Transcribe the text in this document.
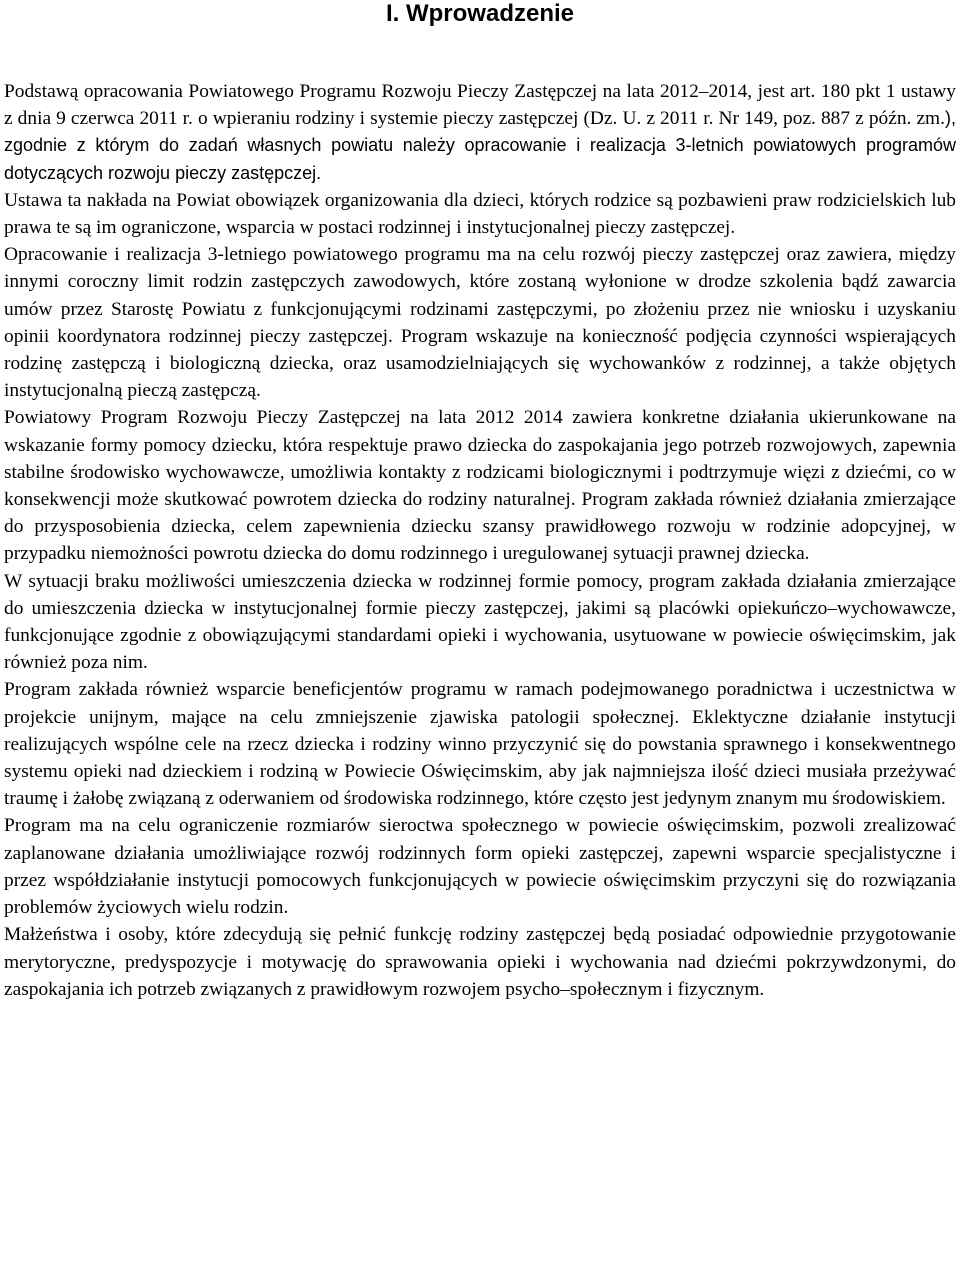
I. Wprowadzenie

Podstawą opracowania Powiatowego Programu Rozwoju Pieczy Zastępczej na lata 2012–2014, jest art. 180 pkt 1 ustawy z dnia 9 czerwca 2011 r. o wpieraniu rodziny i systemie pieczy zastępczej (Dz. U. z 2011 r. Nr 149, poz. 887 z późn. zm.), zgodnie z którym do zadań własnych powiatu należy opracowanie i realizacja 3-letnich powiatowych programów dotyczących rozwoju pieczy zastępczej.

Ustawa ta nakłada na Powiat obowiązek organizowania dla dzieci, których rodzice są pozbawieni praw rodzicielskich lub prawa te są im ograniczone, wsparcia w postaci rodzinnej i instytucjonalnej pieczy zastępczej.

Opracowanie i realizacja 3-letniego powiatowego programu ma na celu rozwój pieczy zastępczej oraz zawiera, między innymi coroczny limit rodzin zastępczych zawodowych, które zostaną wyłonione w drodze szkolenia bądź zawarcia umów przez Starostę Powiatu z funkcjonującymi rodzinami zastępczymi, po złożeniu przez nie wniosku i uzyskaniu opinii koordynatora rodzinnej pieczy zastępczej. Program wskazuje na konieczność podjęcia czynności wspierających rodzinę zastępczą i biologiczną dziecka, oraz usamodzielniających się wychowanków z rodzinnej, a także objętych instytucjonalną pieczą zastępczą.

Powiatowy Program Rozwoju Pieczy Zastępczej na lata 2012 2014 zawiera konkretne działania ukierunkowane na wskazanie formy pomocy dziecku, która respektuje prawo dziecka do zaspokajania jego potrzeb rozwojowych, zapewnia stabilne środowisko wychowawcze, umożliwia kontakty z rodzicami biologicznymi i podtrzymuje więzi z dziećmi, co w konsekwencji może skutkować powrotem dziecka do rodziny naturalnej. Program zakłada również działania zmierzające do przysposobienia dziecka, celem zapewnienia dziecku szansy prawidłowego rozwoju w rodzinie adopcyjnej, w przypadku niemożności powrotu dziecka do domu rodzinnego i uregulowanej sytuacji prawnej dziecka.

W sytuacji braku możliwości umieszczenia dziecka w rodzinnej formie pomocy, program zakłada działania zmierzające do umieszczenia dziecka w instytucjonalnej formie pieczy zastępczej, jakimi są placówki opiekuńczo–wychowawcze, funkcjonujące zgodnie z obowiązującymi standardami opieki i wychowania, usytuowane w powiecie oświęcimskim, jak również poza nim.

Program zakłada również wsparcie beneficjentów programu w ramach podejmowanego poradnictwa i uczestnictwa w projekcie unijnym, mające na celu zmniejszenie zjawiska patologii społecznej. Eklektyczne działanie instytucji realizujących wspólne cele na rzecz dziecka i rodziny winno przyczynić się do powstania sprawnego i konsekwentnego systemu opieki nad dzieckiem i rodziną w Powiecie Oświęcimskim, aby jak najmniejsza ilość dzieci musiała przeżywać traumę i żałobę związaną z oderwaniem od środowiska rodzinnego, które często jest jedynym znanym mu środowiskiem.

Program ma na celu ograniczenie rozmiarów sieroctwa społecznego w powiecie oświęcimskim, pozwoli zrealizować zaplanowane działania umożliwiające rozwój rodzinnych form opieki zastępczej, zapewni wsparcie specjalistyczne i przez współdziałanie instytucji pomocowych funkcjonujących w powiecie oświęcimskim przyczyni się do rozwiązania problemów życiowych wielu rodzin.

Małżeństwa i osoby, które zdecydują się pełnić funkcję rodziny zastępczej będą posiadać odpowiednie przygotowanie merytoryczne, predyspozycje i motywację do sprawowania opieki i wychowania nad dziećmi pokrzywdzonymi, do zaspokajania ich potrzeb związanych z prawidłowym rozwojem psycho–społecznym i fizycznym.
